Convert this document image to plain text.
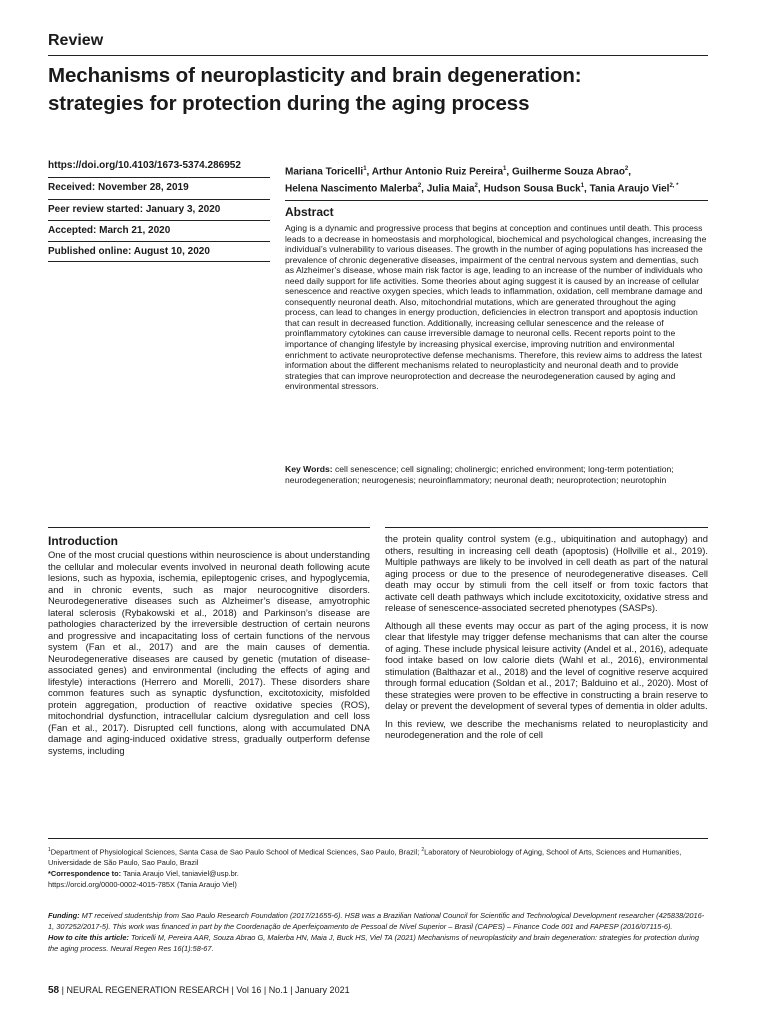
Review
Mechanisms of neuroplasticity and brain degeneration:
strategies for protection during the aging process
https://doi.org/10.4103/1673-5374.286952
Received: November 28, 2019
Peer review started: January 3, 2020
Accepted: March 21, 2020
Published online: August 10, 2020
Mariana Toricelli$^1$, Arthur Antonio Ruiz Pereira$^1$, Guilherme Souza Abrao$^2$,
Helena Nascimento Malerba$^2$, Julia Maia$^2$, Hudson Sousa Buck$^1$, Tania Araujo Viel$^{2, *}$
Abstract

Aging is a dynamic and progressive process that begins at conception and continues until death. This process leads to a decrease in homeostasis and morphological, biochemical and psychological changes, increasing the individual’s vulnerability to various diseases. The growth in the number of aging populations has increased the prevalence of chronic degenerative diseases, impairment of the central nervous system and dementias, such as Alzheimer’s disease, whose main risk factor is age, leading to an increase of the number of individuals who need daily support for life activities. Some theories about aging suggest it is caused by an increase of cellular senescence and reactive oxygen species, which leads to inflammation, oxidation, cell membrane damage and consequently neuronal death. Also, mitochondrial mutations, which are generated throughout the aging process, can lead to changes in energy production, deficiencies in electron transport and apoptosis induction that can result in decreased function. Additionally, increasing cellular senescence and the release of proinflammatory cytokines can cause irreversible damage to neuronal cells. Recent reports point to the importance of changing lifestyle by increasing physical exercise, improving nutrition and environmental enrichment to activate neuroprotective defense mechanisms. Therefore, this review aims to address the latest information about the different mechanisms related to neuroplasticity and neuronal death and to provide strategies that can improve neuroprotection and decrease the neurodegeneration caused by aging and environmental stressors.

Key Words: cell senescence; cell signaling; cholinergic; enriched environment; long-term potentiation; neurodegeneration; neurogenesis; neuroinflammatory; neuronal death; neuroprotection; neurotophin

Introduction

One of the most crucial questions within neuroscience is about understanding the cellular and molecular events involved in neuronal death following acute lesions, such as hypoxia, ischemia, epileptogenic crises, and hypoglycemia, and in chronic events, such as major neurocognitive disorders. Neurodegenerative diseases such as Alzheimer’s disease, amyotrophic lateral sclerosis (Rybakowski et al., 2018) and Parkinson’s disease are pathologies characterized by the irreversible destruction of certain neurons and progressive and incapacitating loss of certain functions of the nervous system (Fan et al., 2017) and are the main causes of dementia. Neurodegenerative diseases are caused by genetic (mutation of disease-associated genes) and environmental (including the effects of aging and lifestyle) interactions (Herrero and Morelli, 2017). These disorders share common features such as synaptic dysfunction, excitotoxicity, misfolded protein aggregation, production of reactive oxidative species (ROS), mitochondrial dysfunction, intracellular calcium dysregulation and cell loss (Fan et al., 2017). Disrupted cell functions, along with accumulated DNA damage and aging-induced oxidative stress, gradually outperform defense systems, including

the protein quality control system (e.g., ubiquitination and autophagy) and others, resulting in increasing cell death (apoptosis) (Hollville et al., 2019). Multiple pathways are likely to be involved in cell death as part of the natural aging process or due to the presence of neurodegenerative diseases. Cell death may occur by stimuli from the cell itself or from toxic factors that activate cell death pathways which include excitotoxicity, oxidative stress and release of senescence-associated secreted phenotypes (SASPs).

Although all these events may occur as part of the aging process, it is now clear that lifestyle may trigger defense mechanisms that can alter the course of aging. These include physical leisure activity (Andel et al., 2016), adequate food intake based on low calorie diets (Wahl et al., 2016), environmental stimulation (Balthazar et al., 2018) and the level of cognitive reserve acquired through formal education (Soldan et al., 2017; Balduino et al., 2020). Most of these strategies were proven to be effective in constructing a brain reserve to delay or prevent the development of several types of dementia in older adults.

In this review, we describe the mechanisms related to neuroplasticity and neurodegeneration and the role of cell

$^1$Department of Physiological Sciences, Santa Casa de Sao Paulo School of Medical Sciences, Sao Paulo, Brazil; $^2$Laboratory of Neurobiology of Aging, School of Arts, Sciences and Humanities, Universidade de São Paulo, Sao Paulo, Brazil
*Correspondence to: Tania Araujo Viel, taniaviel@usp.br.
https://orcid.org/0000-0002-4015-785X (Tania Araujo Viel)
Funding: MT received studentship from Sao Paulo Research Foundation (2017/21655-6). HSB was a Brazilian National Council for Scientific and Technological Development researcher (425838/2016-1, 307252/2017-5). This work was financed in part by the Coordenação de Aperfeiçoamento de Pessoal de Nível Superior – Brasil (CAPES) – Finance Code 001 and FAPESP (2016/07115-6).
How to cite this article: Toricelli M, Pereira AAR, Souza Abrao G, Malerba HN, Maia J, Buck HS, Viel TA (2021) Mechanisms of neuroplasticity and brain degeneration: strategies for protection during the aging process. Neural Regen Res 16(1):58-67.
58 | NEURAL REGENERATION RESEARCH | Vol 16 | No.1 | January 2021
